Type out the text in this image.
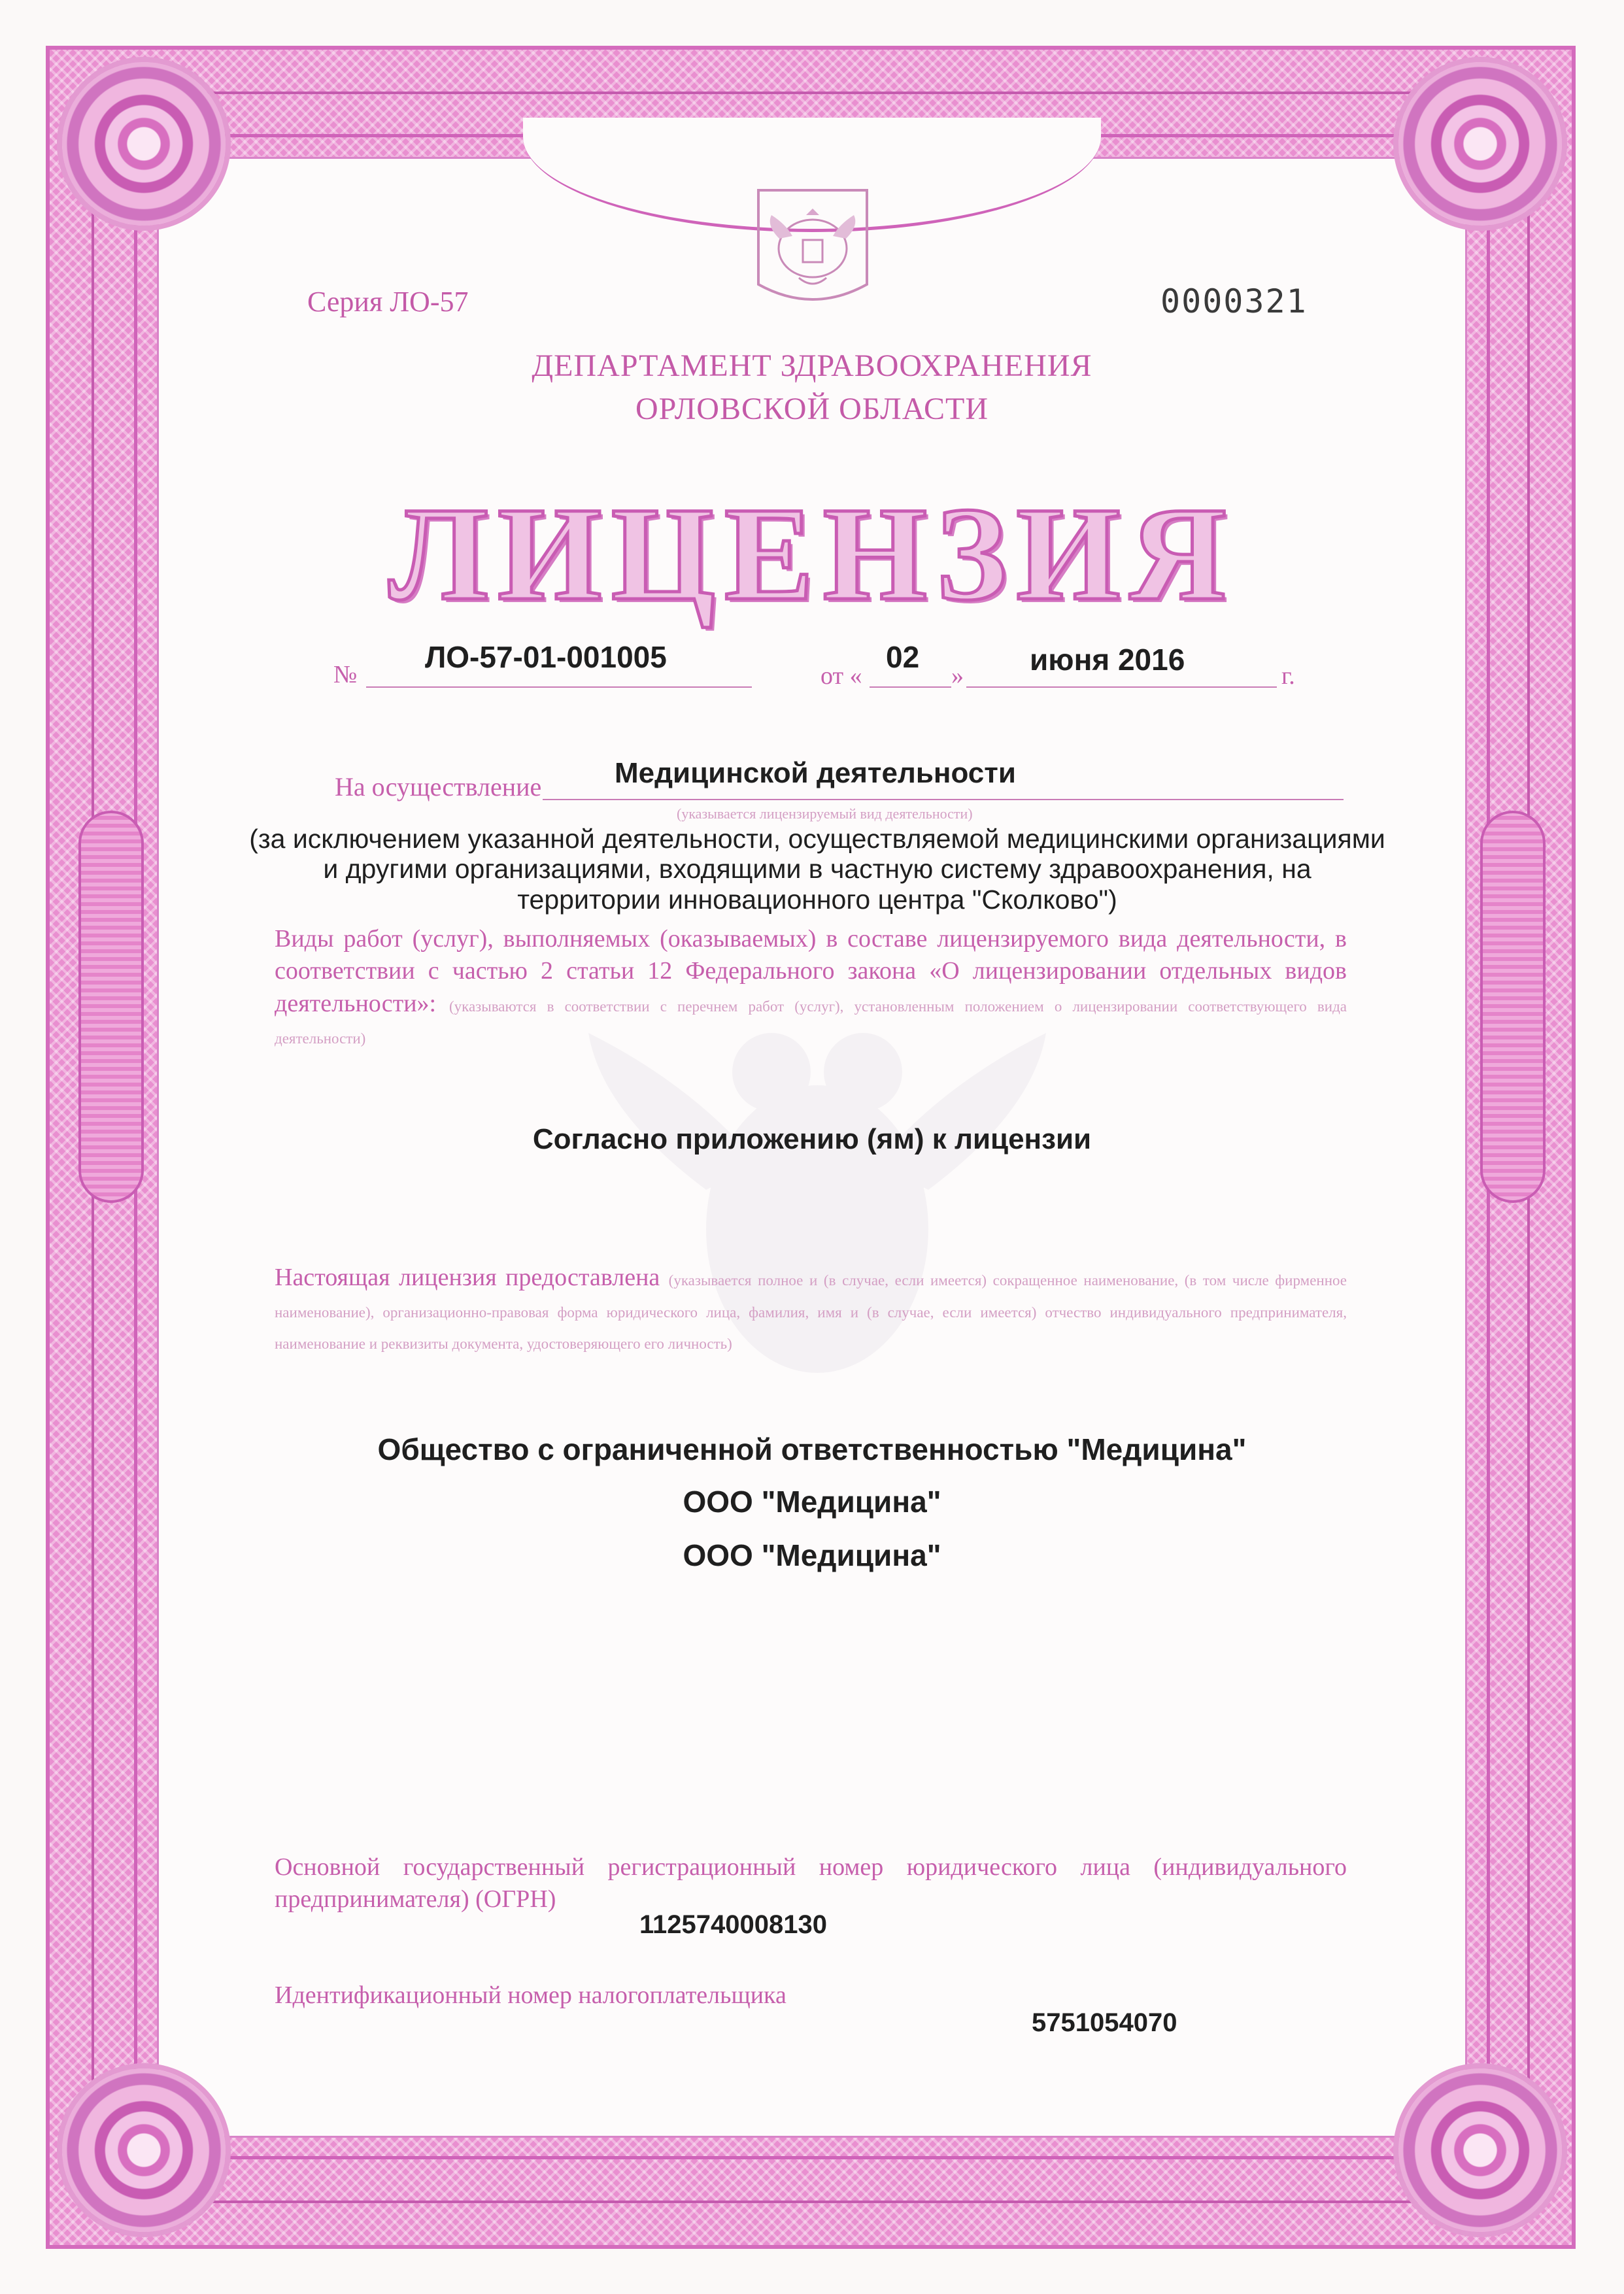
Серия ЛО-57	0000321
ДЕПАРТАМЕНТ ЗДРАВООХРАНЕНИЯ
ОРЛОВСКОЙ ОБЛАСТИ
ЛИЦЕНЗИЯ
№
ЛО-57-01-001005
от «
02
» июня 2016	г.
На осуществление	Медицинской деятельности
(указывается лицензируемый вид деятельности)
(за исключением указанной деятельности, осуществляемой медицинскими организациями
и другими организациями, входящими в частную систему здравоохранения, на
территории инновационного центра "Сколково")
Виды работ (услуг), выполняемых (оказываемых) в составе лицензируемого вида деятельности, в соответствии с частью 2 статьи 12 Федерального закона «О лицензировании отдельных видов деятельности»: (указываются в соответствии с перечнем работ (услуг), установленным положением о лицензировании соответствующего вида деятельности)
Согласно приложению (ям) к лицензии
Настоящая лицензия предоставлена (указывается полное и (в случае, если имеется) сокращенное наименование, (в том числе фирменное наименование), организационно-правовая форма юридического лица, фамилия, имя и (в случае, если имеется) отчество индивидуального предпринимателя, наименование и реквизиты документа, удостоверяющего его личность)
Общество с ограниченной ответственностью "Медицина"
ООО "Медицина"
ООО "Медицина"
Основной государственный регистрационный номер юридического лица (индивидуального предпринимателя) (ОГРН)
1125740008130
Идентификационный номер налогоплательщика
5751054070
